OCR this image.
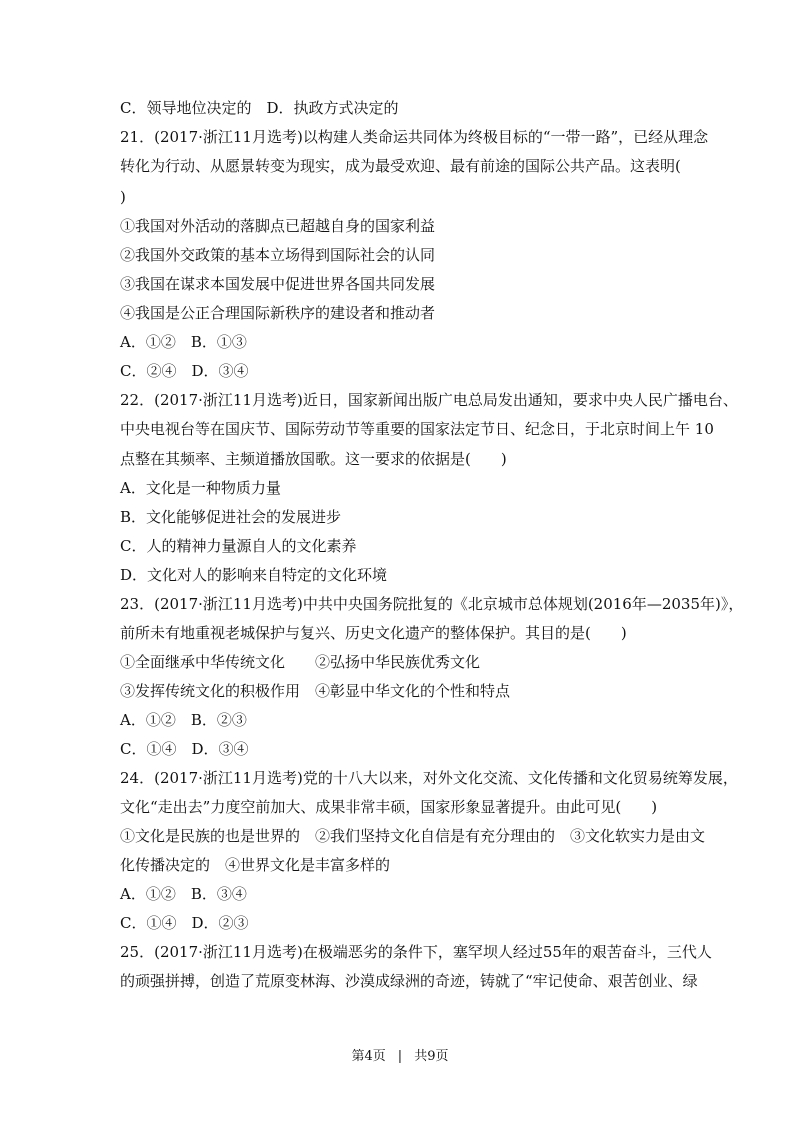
C．领导地位决定的　D．执政方式决定的
21．(2017·浙江11月选考)以构建人类命运共同体为终极目标的“一带一路”，已经从理念
转化为行动、从愿景转变为现实，成为最受欢迎、最有前途的国际公共产品。这表明(
)
①我国对外活动的落脚点已超越自身的国家利益
②我国外交政策的基本立场得到国际社会的认同
③我国在谋求本国发展中促进世界各国共同发展
④我国是公正合理国际新秩序的建设者和推动者
A．①②　B．①③
C．②④　D．③④
22．(2017·浙江11月选考)近日，国家新闻出版广电总局发出通知，要求中央人民广播电台、
中央电视台等在国庆节、国际劳动节等重要的国家法定节日、纪念日，于北京时间上午 10
点整在其频率、主频道播放国歌。这一要求的依据是(　　)
A．文化是一种物质力量
B．文化能够促进社会的发展进步
C．人的精神力量源自人的文化素养
D．文化对人的影响来自特定的文化环境
23．(2017·浙江11月选考)中共中央国务院批复的《北京城市总体规划(2016年—2035年)》，
前所未有地重视老城保护与复兴、历史文化遗产的整体保护。其目的是(　　)
①全面继承中华传统文化　　②弘扬中华民族优秀文化
③发挥传统文化的积极作用　④彰显中华文化的个性和特点
A．①②　B．②③
C．①④　D．③④
24．(2017·浙江11月选考)党的十八大以来，对外文化交流、文化传播和文化贸易统筹发展，
文化“走出去”力度空前加大、成果非常丰硕，国家形象显著提升。由此可见(　　)
①文化是民族的也是世界的　②我们坚持文化自信是有充分理由的　③文化软实力是由文
化传播决定的　④世界文化是丰富多样的
A．①②　B．③④
C．①④　D．②③
25．(2017·浙江11月选考)在极端恶劣的条件下，塞罕坝人经过55年的艰苦奋斗，三代人
的顽强拼搏，创造了荒原变林海、沙漠成绿洲的奇迹，铸就了“牢记使命、艰苦创业、绿
第4页 | 共9页
